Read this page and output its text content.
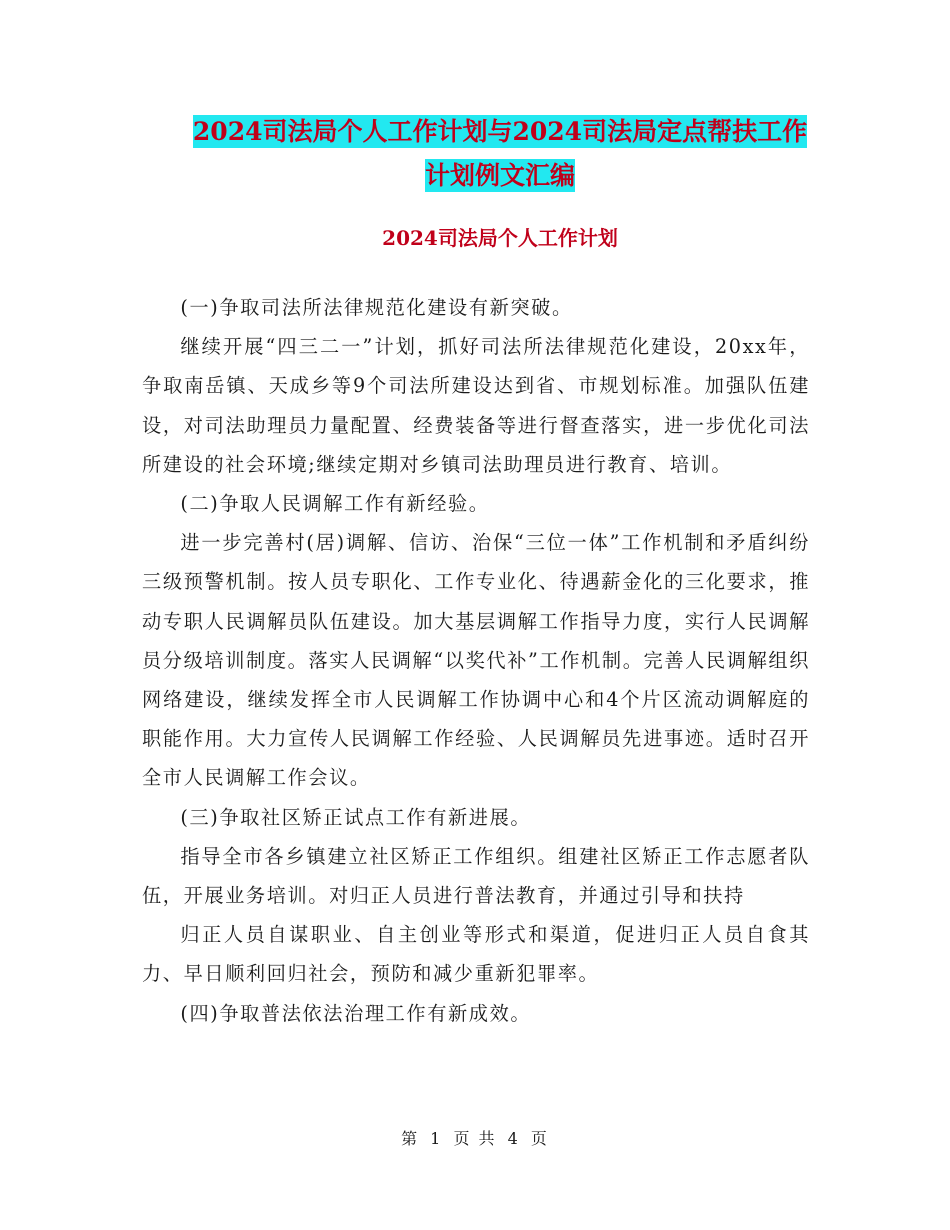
2024司法局个人工作计划与2024司法局定点帮扶工作
计划例文汇编
2024司法局个人工作计划

(一)争取司法所法律规范化建设有新突破。

继续开展“四三二一”计划，抓好司法所法律规范化建设，20xx年，争取南岳镇、天成乡等9个司法所建设达到省、市规划标准。加强队伍建设，对司法助理员力量配置、经费装备等进行督查落实，进一步优化司法所建设的社会环境;继续定期对乡镇司法助理员进行教育、培训。

(二)争取人民调解工作有新经验。

进一步完善村(居)调解、信访、治保“三位一体”工作机制和矛盾纠纷三级预警机制。按人员专职化、工作专业化、待遇薪金化的三化要求，推动专职人民调解员队伍建设。加大基层调解工作指导力度，实行人民调解员分级培训制度。落实人民调解“以奖代补”工作机制。完善人民调解组织网络建设，继续发挥全市人民调解工作协调中心和4个片区流动调解庭的职能作用。大力宣传人民调解工作经验、人民调解员先进事迹。适时召开全市人民调解工作会议。

(三)争取社区矫正试点工作有新进展。

指导全市各乡镇建立社区矫正工作组织。组建社区矫正工作志愿者队伍，开展业务培训。对归正人员进行普法教育，并通过引导和扶持

归正人员自谋职业、自主创业等形式和渠道，促进归正人员自食其力、早日顺利回归社会，预防和减少重新犯罪率。

(四)争取普法依法治理工作有新成效。

第 1 页 共 4 页
